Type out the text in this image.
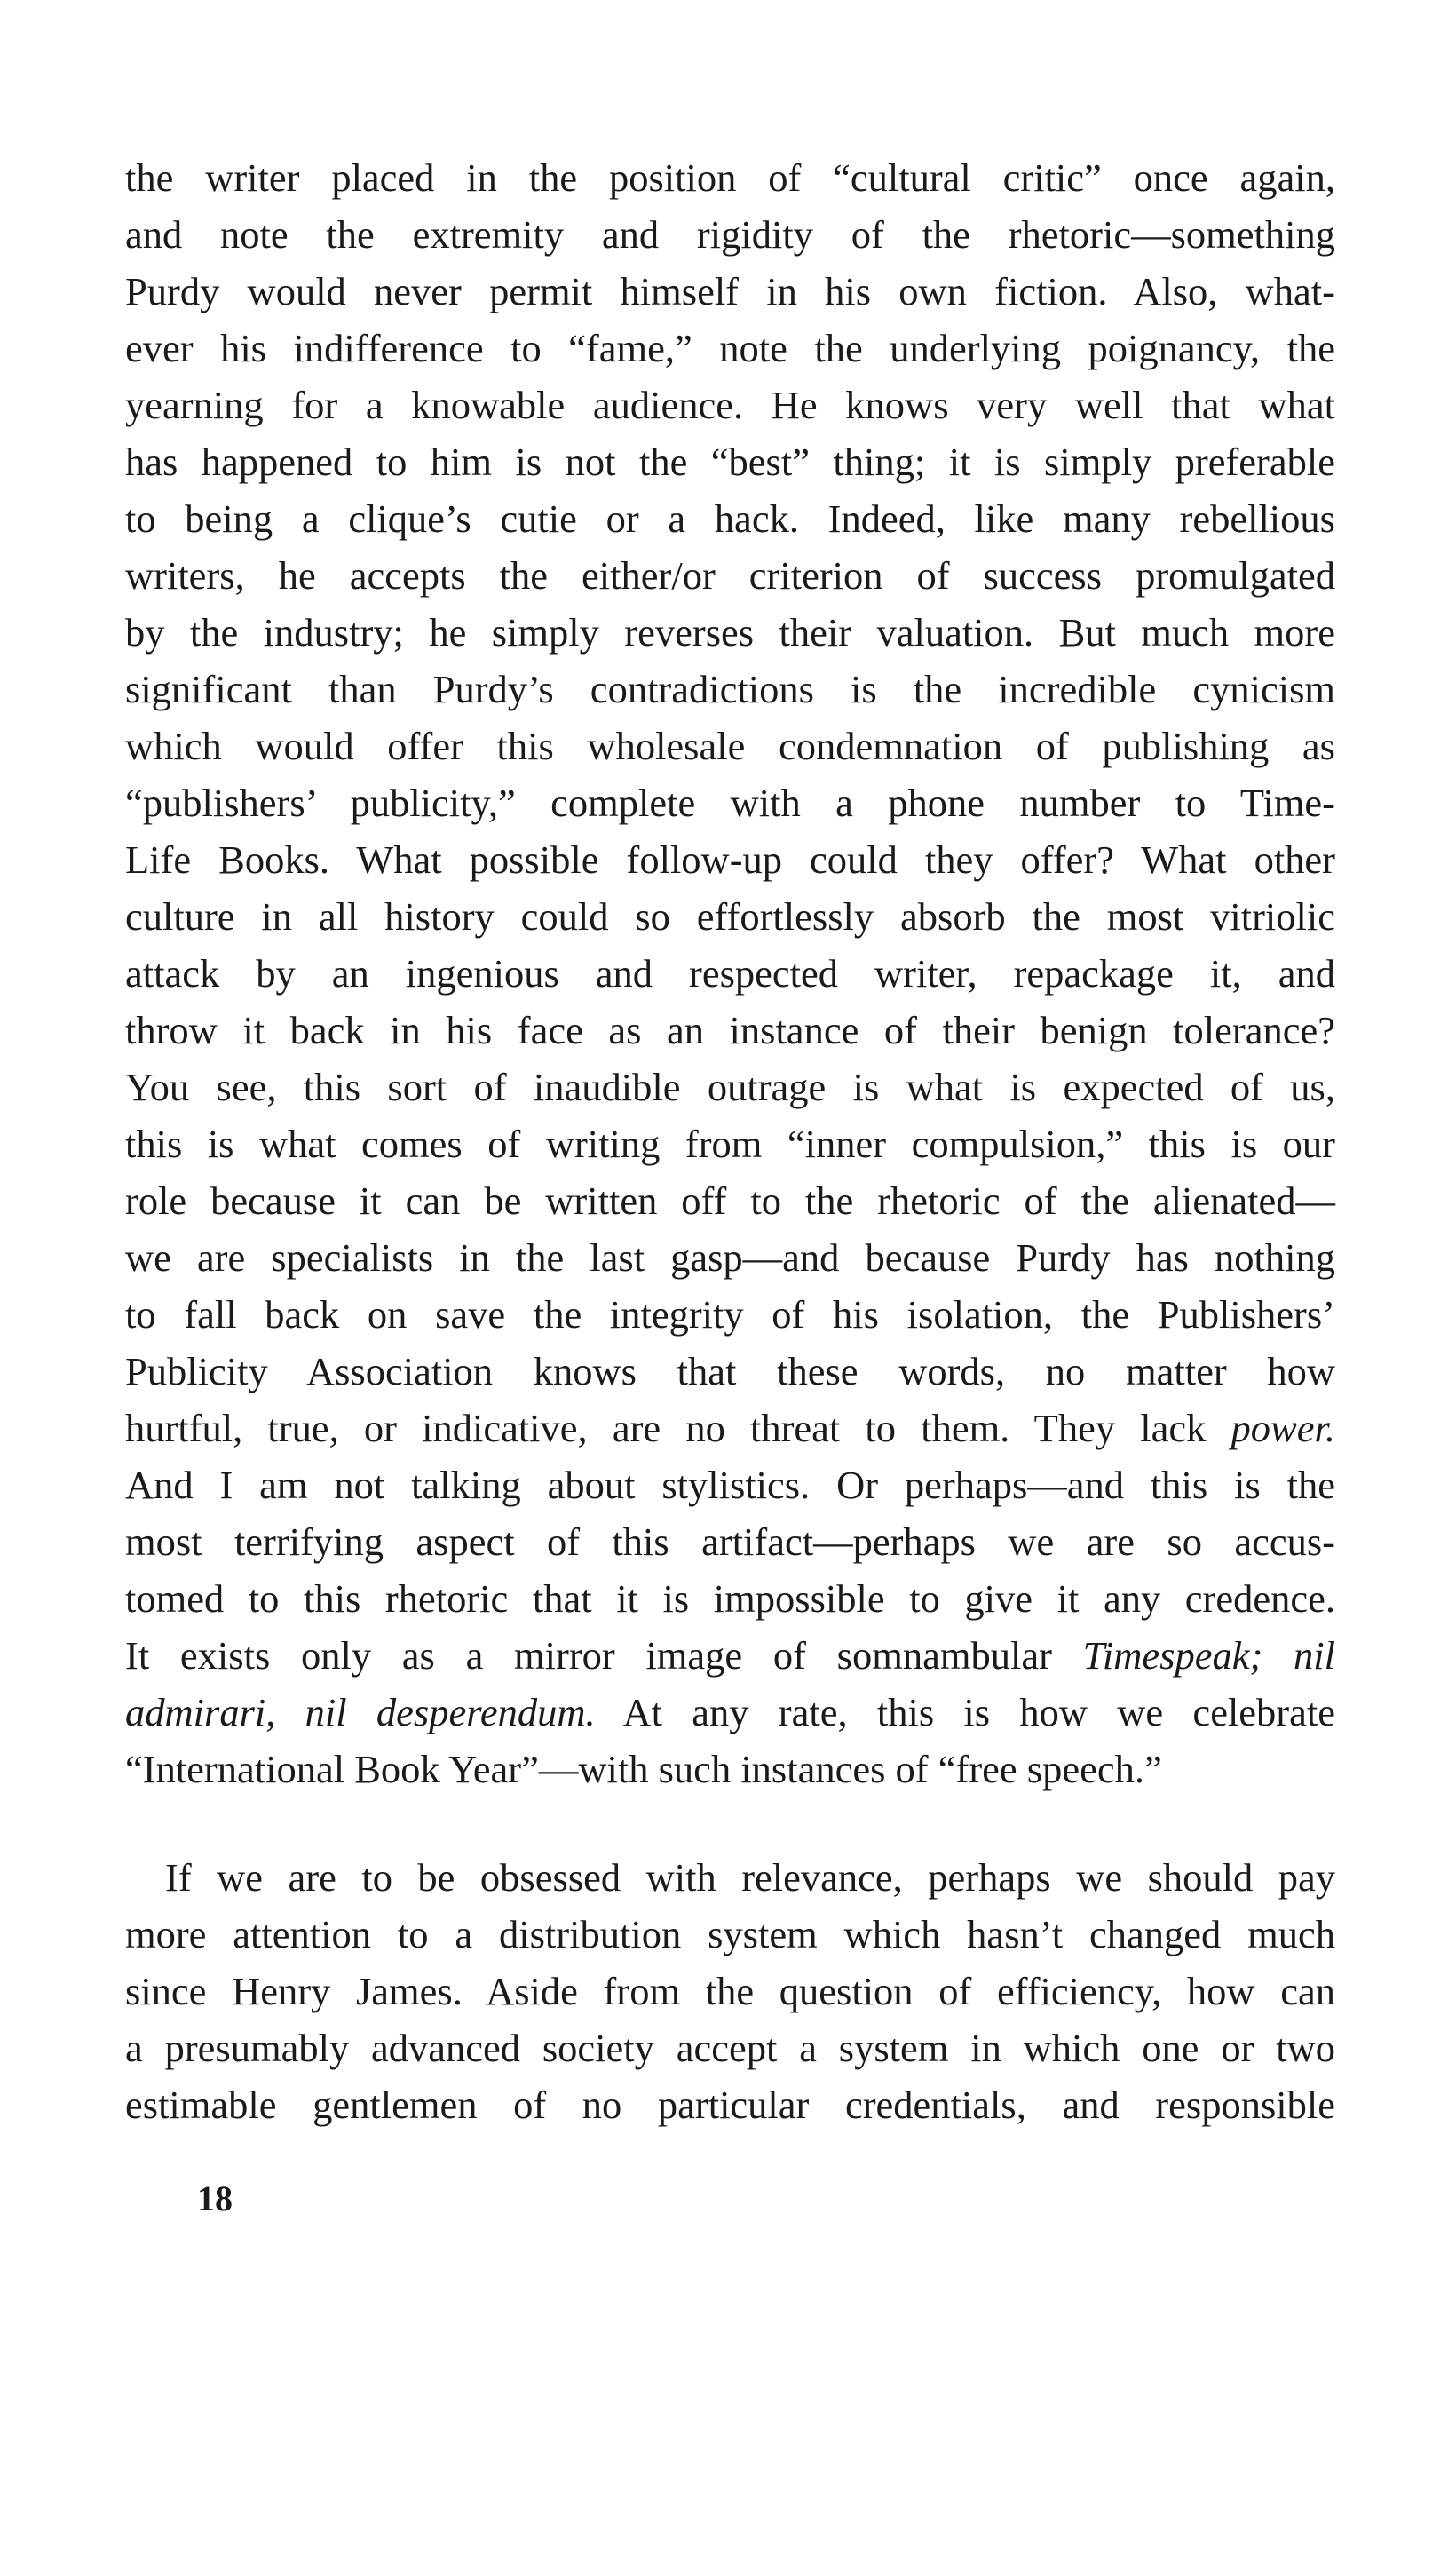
the writer placed in the position of “cultural critic” once again,
and note the extremity and rigidity of the rhetoric—something
Purdy would never permit himself in his own fiction. Also, what-
ever his indifference to “fame,” note the underlying poignancy, the
yearning for a knowable audience. He knows very well that what
has happened to him is not the “best” thing; it is simply preferable
to being a clique’s cutie or a hack. Indeed, like many rebellious
writers, he accepts the either/or criterion of success promulgated
by the industry; he simply reverses their valuation. But much more
significant than Purdy’s contradictions is the incredible cynicism
which would offer this wholesale condemnation of publishing as
“publishers’ publicity,” complete with a phone number to Time-
Life Books. What possible follow-up could they offer? What other
culture in all history could so effortlessly absorb the most vitriolic
attack by an ingenious and respected writer, repackage it, and
throw it back in his face as an instance of their benign tolerance?
You see, this sort of inaudible outrage is what is expected of us,
this is what comes of writing from “inner compulsion,” this is our
role because it can be written off to the rhetoric of the alienated—
we are specialists in the last gasp—and because Purdy has nothing
to fall back on save the integrity of his isolation, the Publishers’
Publicity Association knows that these words, no matter how
hurtful, true, or indicative, are no threat to them. They lack power.
And I am not talking about stylistics. Or perhaps—and this is the
most terrifying aspect of this artifact—perhaps we are so accus-
tomed to this rhetoric that it is impossible to give it any credence.
It exists only as a mirror image of somnambular Timespeak; nil
admirari, nil desperendum. At any rate, this is how we celebrate
“International Book Year”—with such instances of “free speech.”
If we are to be obsessed with relevance, perhaps we should pay
more attention to a distribution system which hasn’t changed much
since Henry James. Aside from the question of efficiency, how can
a presumably advanced society accept a system in which one or two
estimable gentlemen of no particular credentials, and responsible
18
